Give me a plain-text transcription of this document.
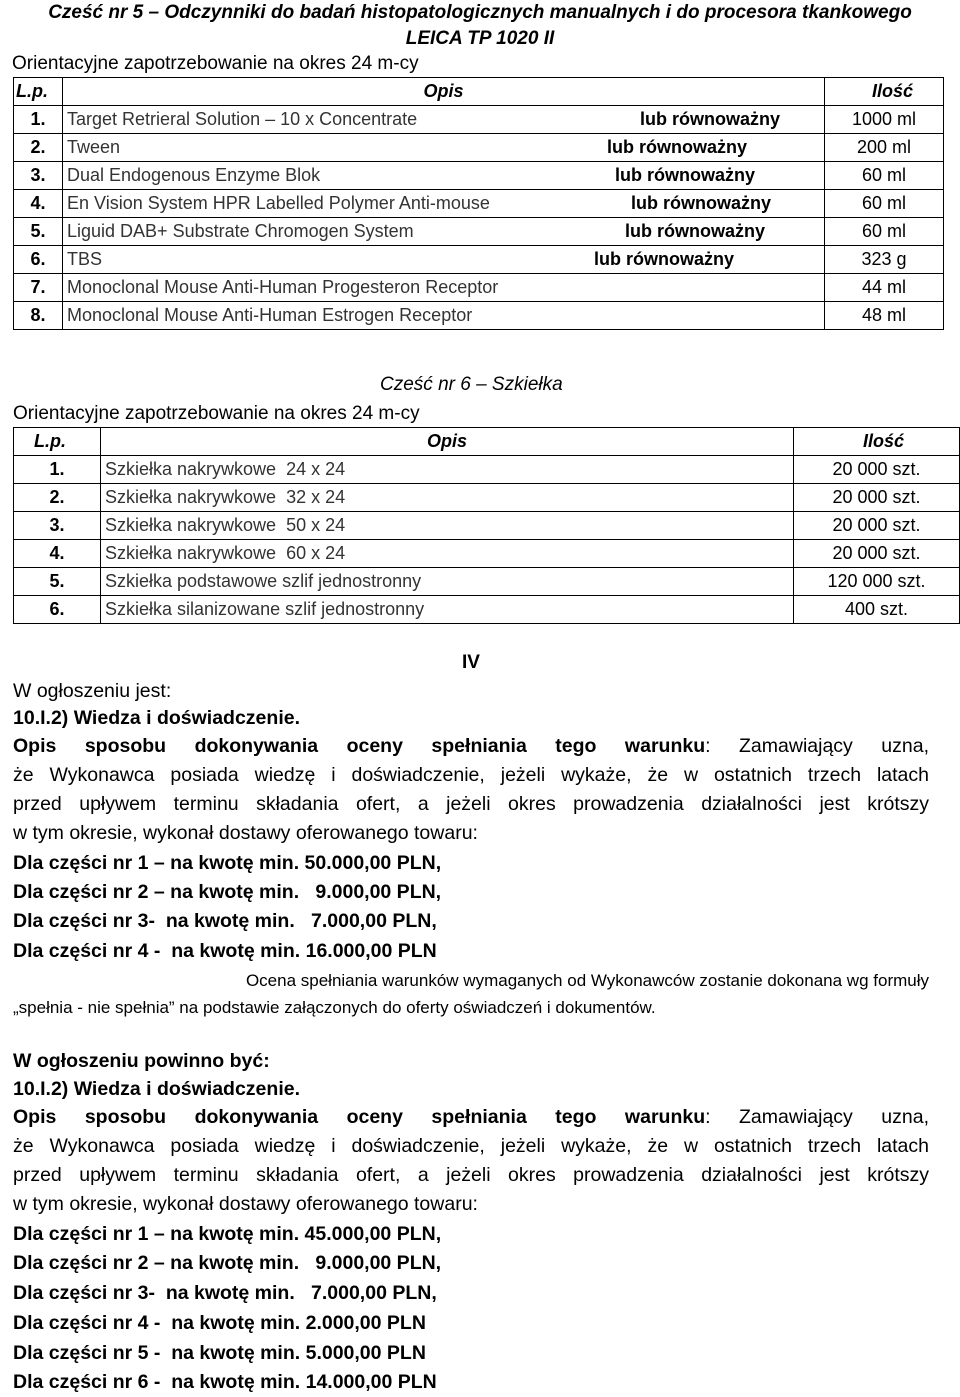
Cześć nr 5 – Odczynniki do badań histopatologicznych manualnych i do procesora tkankowego
LEICA TP 1020 II
Orientacyjne zapotrzebowanie na okres 24 m-cy
L.p.	Opis	Ilość
1.	Target Retrieral Solution – 10 x Concentrate lub równoważny	1000 ml
2.	Tween lub równoważny	200 ml
3.	Dual Endogenous Enzyme Blok lub równoważny	60 ml
4.	En Vision System HPR Labelled Polymer Anti-mouse lub równoważny	60 ml
5.	Liguid DAB+ Substrate Chromogen System lub równoważny	60 ml
6.	TBS lub równoważny	323 g
7.	Monoclonal Mouse Anti-Human Progesteron Receptor	44 ml
8.	Monoclonal Mouse Anti-Human Estrogen Receptor	48 ml
Cześć nr 6 – Szkiełka
Orientacyjne zapotrzebowanie na okres 24 m-cy
L.p.	Opis	Ilość
1.	Szkiełka nakrywkowe  24 x 24	20 000 szt.
2.	Szkiełka nakrywkowe  32 x 24	20 000 szt.
3.	Szkiełka nakrywkowe  50 x 24	20 000 szt.
4.	Szkiełka nakrywkowe  60 x 24	20 000 szt.
5.	Szkiełka podstawowe szlif jednostronny	120 000 szt.
6.	Szkiełka silanizowane szlif jednostronny	400 szt.
IV
W ogłoszeniu jest:
10.I.2) Wiedza i doświadczenie.
Opis sposobu dokonywania oceny spełniania tego warunku: Zamawiający uzna,
że Wykonawca posiada wiedzę i doświadczenie, jeżeli wykaże, że w ostatnich trzech latach
przed upływem terminu składania ofert, a jeżeli okres prowadzenia działalności jest krótszy
w tym okresie, wykonał dostawy oferowanego towaru:
Dla części nr 1 – na kwotę min. 50.000,00 PLN,
Dla części nr 2 – na kwotę min.   9.000,00 PLN,
Dla części nr 3-  na kwotę min.   7.000,00 PLN,
Dla części nr 4 -  na kwotę min. 16.000,00 PLN
Ocena spełniania warunków wymaganych od Wykonawców zostanie dokonana wg formuły
„spełnia - nie spełnia” na podstawie załączonych do oferty oświadczeń i dokumentów.
W ogłoszeniu powinno być:
10.I.2) Wiedza i doświadczenie.
Opis sposobu dokonywania oceny spełniania tego warunku: Zamawiający uzna,
że Wykonawca posiada wiedzę i doświadczenie, jeżeli wykaże, że w ostatnich trzech latach
przed upływem terminu składania ofert, a jeżeli okres prowadzenia działalności jest krótszy
w tym okresie, wykonał dostawy oferowanego towaru:
Dla części nr 1 – na kwotę min. 45.000,00 PLN,
Dla części nr 2 – na kwotę min.   9.000,00 PLN,
Dla części nr 3-  na kwotę min.   7.000,00 PLN,
Dla części nr 4 -  na kwotę min. 2.000,00 PLN
Dla części nr 5 -  na kwotę min. 5.000,00 PLN
Dla części nr 6 -  na kwotę min. 14.000,00 PLN
